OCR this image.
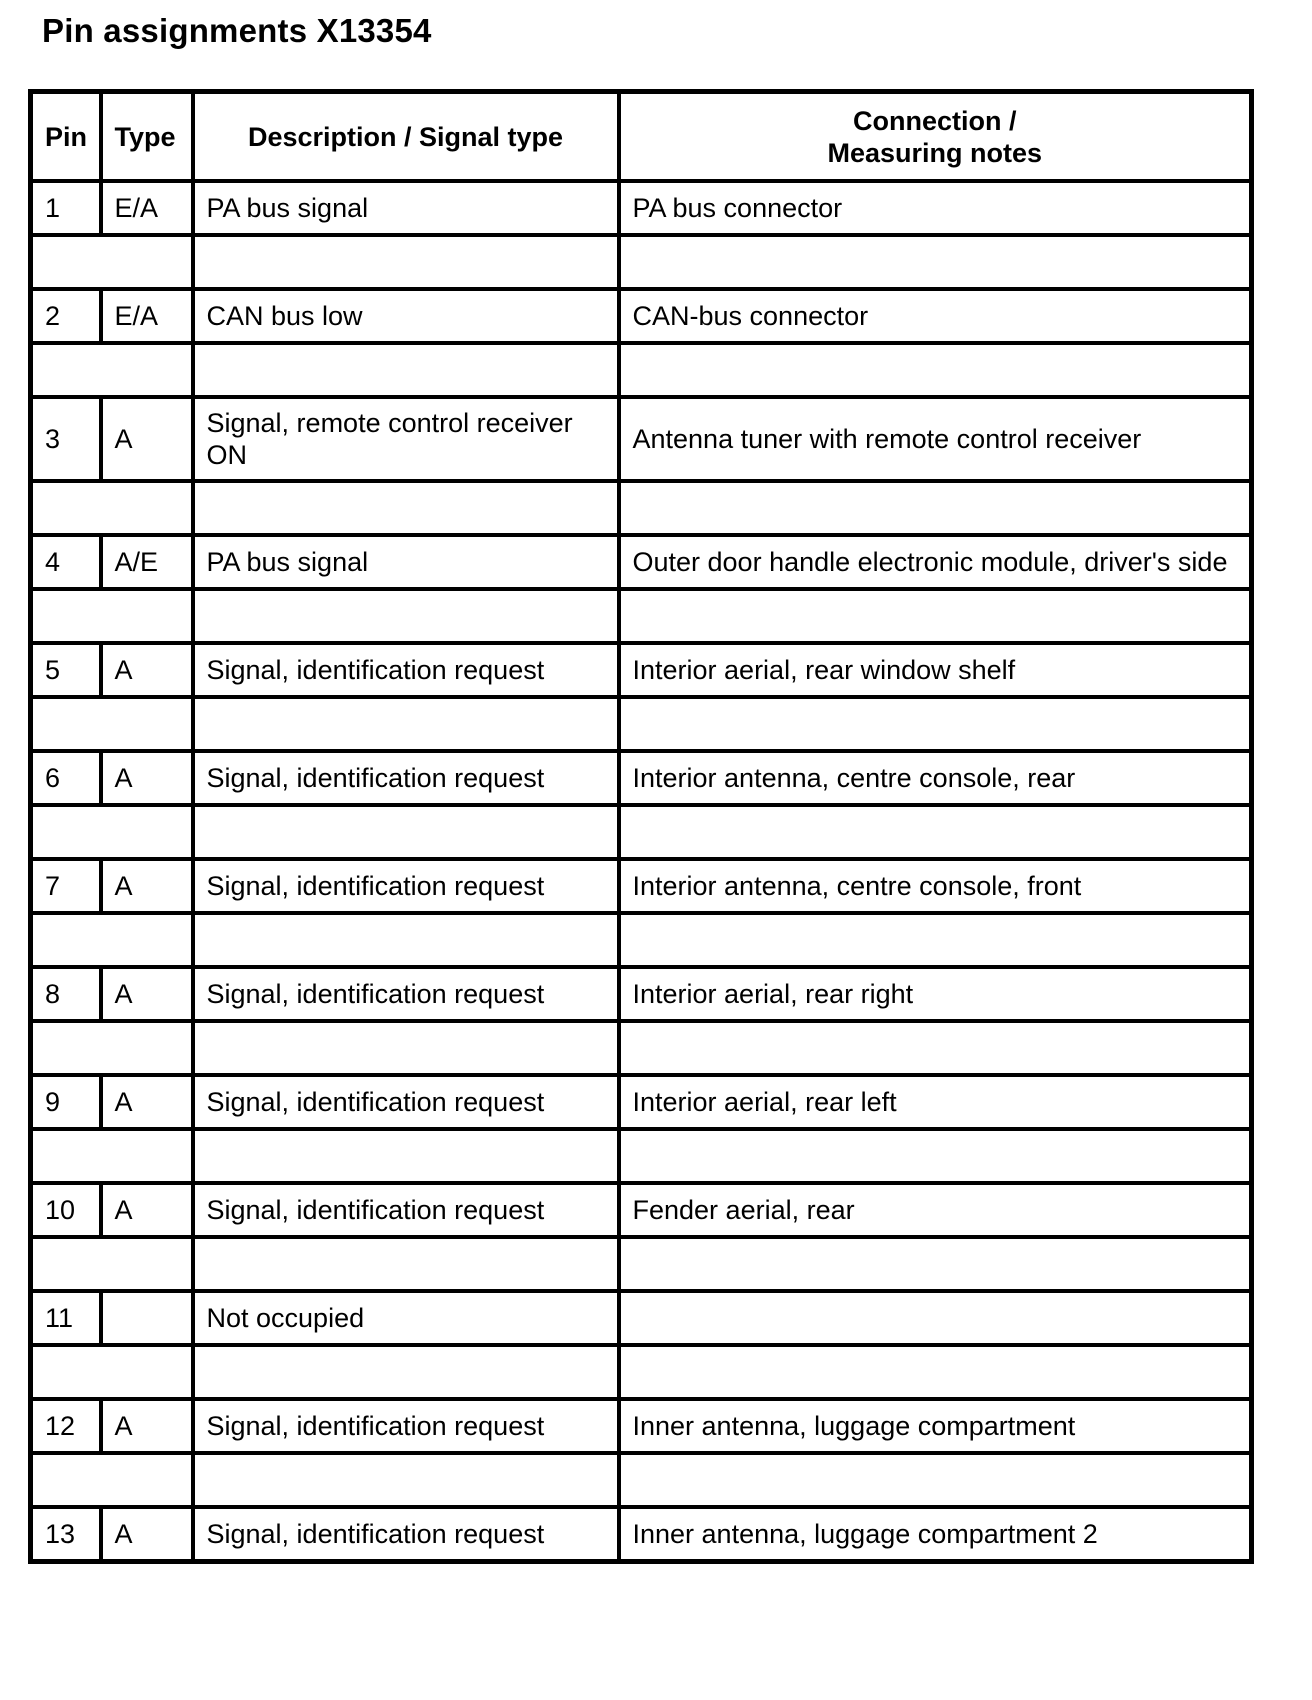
Pin assignments X13354
Pin	Type	Description / Signal type	Connection /
Measuring notes

1	E/A	PA bus signal	PA bus connector

2	E/A	CAN bus low	CAN-bus connector

3	A	Signal, remote control receiver ON	Antenna tuner with remote control receiver

4	A/E	PA bus signal	Outer door handle electronic module, driver's side

5	A	Signal, identification request	Interior aerial, rear window shelf

6	A	Signal, identification request	Interior antenna, centre console, rear

7	A	Signal, identification request	Interior antenna, centre console, front

8	A	Signal, identification request	Interior aerial, rear right

9	A	Signal, identification request	Interior aerial, rear left

10	A	Signal, identification request	Fender aerial, rear

11		Not occupied	

12	A	Signal, identification request	Inner antenna, luggage compartment

13	A	Signal, identification request	Inner antenna, luggage compartment 2
